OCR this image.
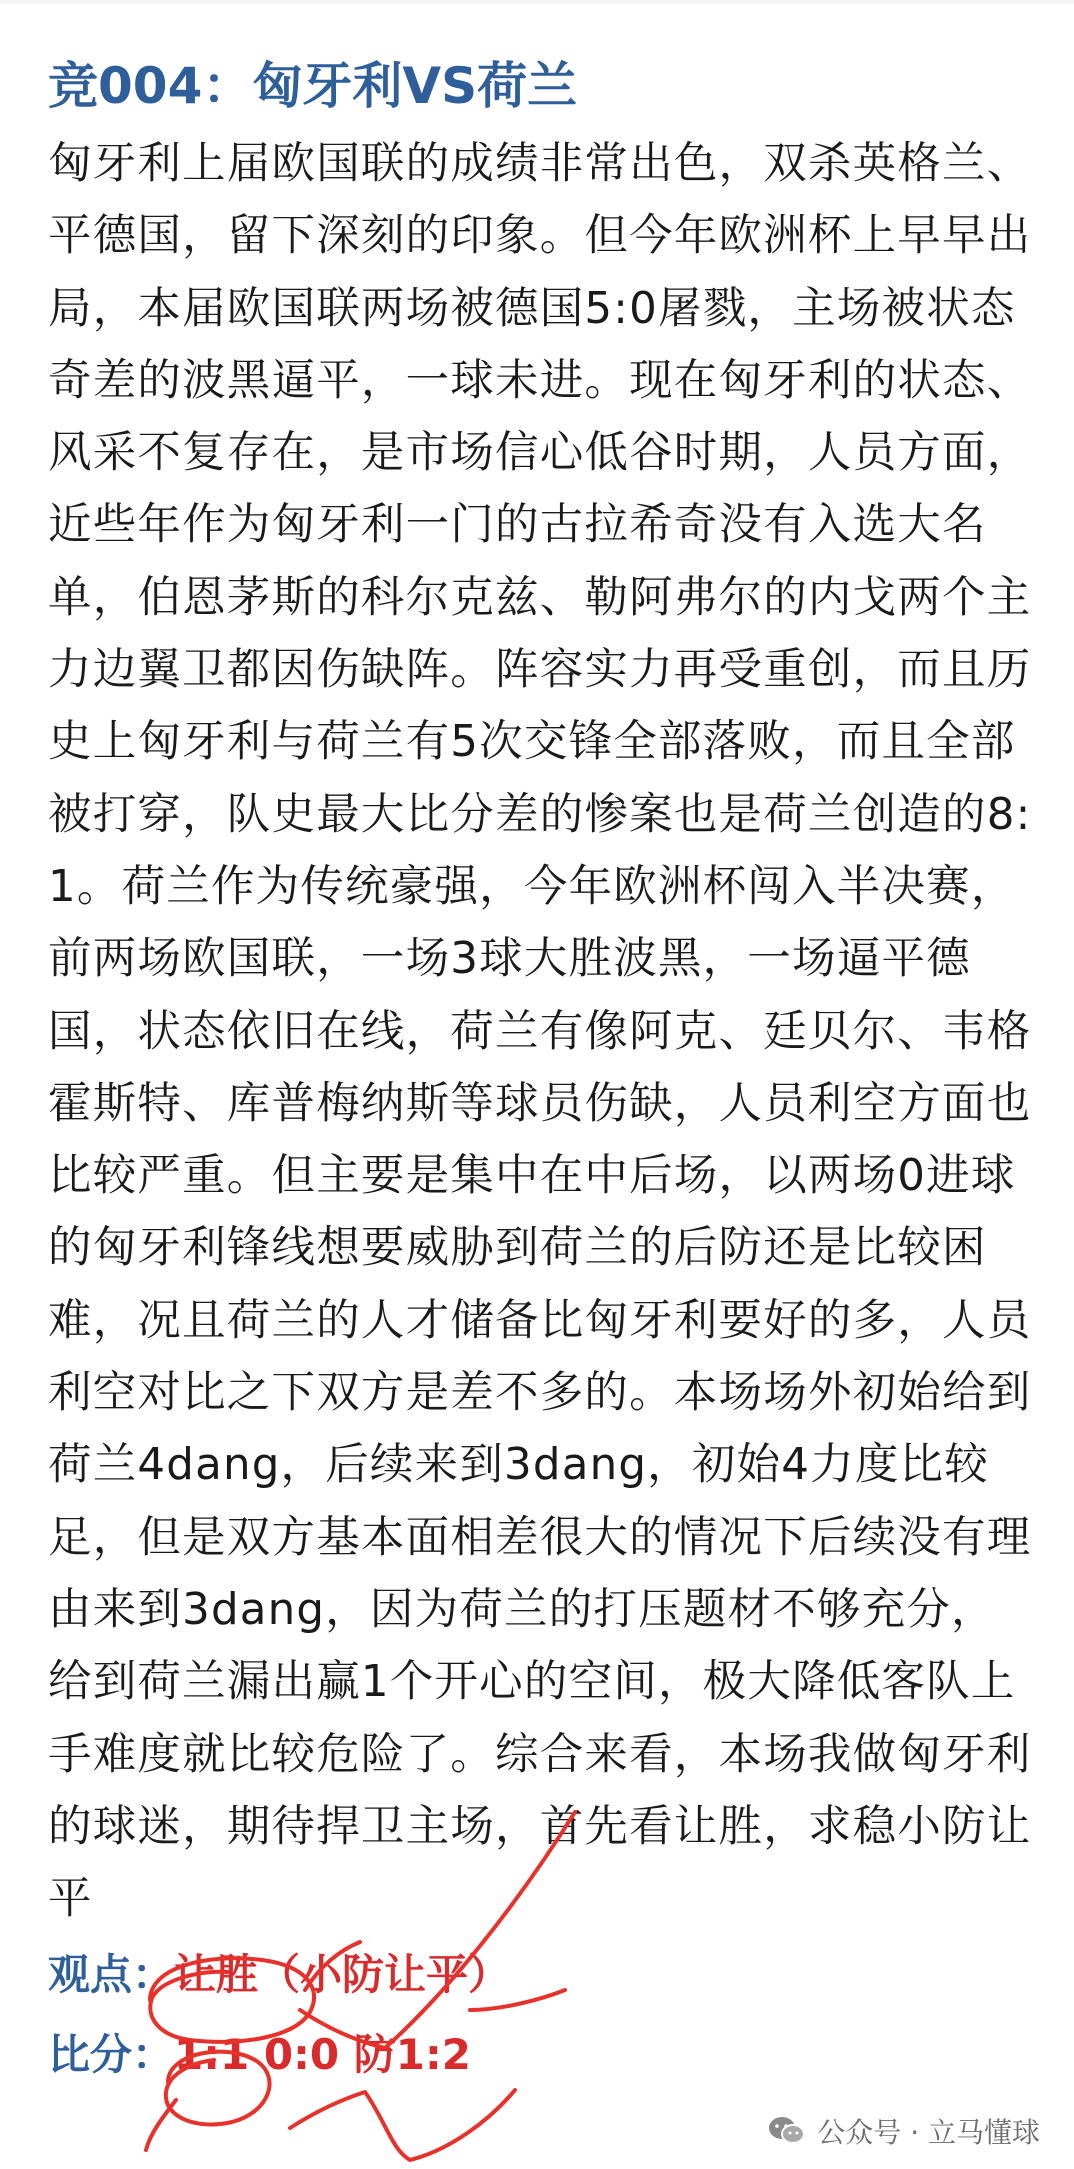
竞004：匈牙利VS荷兰

匈牙利上届欧国联的成绩非常出色，双杀英格兰、平德国，留下深刻的印象。但今年欧洲杯上早早出局，本届欧国联两场被德国5:0屠戮，主场被状态奇差的波黑逼平，一球未进。现在匈牙利的状态、风采不复存在，是市场信心低谷时期，人员方面，近些年作为匈牙利一门的古拉希奇没有入选大名单，伯恩茅斯的科尔克兹、勒阿弗尔的内戈两个主力边翼卫都因伤缺阵。阵容实力再受重创，而且历史上匈牙利与荷兰有5次交锋全部落败，而且全部被打穿，队史最大比分差的惨案也是荷兰创造的8:1。荷兰作为传统豪强，今年欧洲杯闯入半决赛，前两场欧国联，一场3球大胜波黑，一场逼平德国，状态依旧在线，荷兰有像阿克、廷贝尔、韦格霍斯特、库普梅纳斯等球员伤缺，人员利空方面也比较严重。但主要是集中在中后场，以两场0进球的匈牙利锋线想要威胁到荷兰的后防还是比较困难，况且荷兰的人才储备比匈牙利要好的多，人员利空对比之下双方是差不多的。本场场外初始给到荷兰4dang，后续来到3dang，初始4力度比较足，但是双方基本面相差很大的情况下后续没有理由来到3dang，因为荷兰的打压题材不够充分，给到荷兰漏出赢1个开心的空间，极大降低客队上手难度就比较危险了。综合来看，本场我做匈牙利的球迷，期待捍卫主场，首先看让胜，求稳小防让平

观点：让胜（小防让平）
比分：1:1 0:0 防1:2
公众号 · 立马懂球
